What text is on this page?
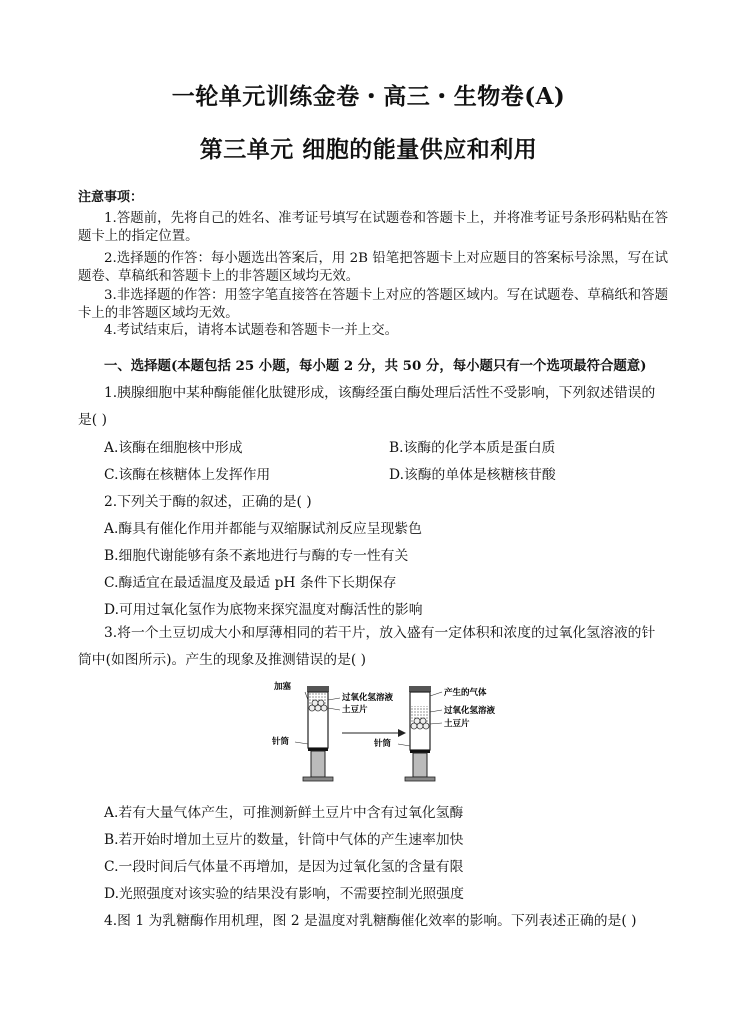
一轮单元训练金卷・高三・生物卷(A)
第三单元 细胞的能量供应和利用
注意事项：
1.答题前，先将自己的姓名、准考证号填写在试题卷和答题卡上，并将准考证号条形码粘贴在答题卡上的指定位置。
2.选择题的作答：每小题选出答案后，用 2B 铅笔把答题卡上对应题目的答案标号涂黑，写在试题卷、草稿纸和答题卡上的非答题区域均无效。
3.非选择题的作答：用签字笔直接答在答题卡上对应的答题区域内。写在试题卷、草稿纸和答题卡上的非答题区域均无效。
4.考试结束后，请将本试题卷和答题卡一并上交。
一、选择题(本题包括 25 小题，每小题 2 分，共 50 分，每小题只有一个选项最符合题意)
1.胰腺细胞中某种酶能催化肽键形成，该酶经蛋白酶处理后活性不受影响，下列叙述错误的是( )
A.该酶在细胞核中形成	B.该酶的化学本质是蛋白质
C.该酶在核糖体上发挥作用	D.该酶的单体是核糖核苷酸
2.下列关于酶的叙述，正确的是( )
A.酶具有催化作用并都能与双缩脲试剂反应呈现紫色
B.细胞代谢能够有条不紊地进行与酶的专一性有关
C.酶适宜在最适温度及最适 pH 条件下长期保存
D.可用过氧化氢作为底物来探究温度对酶活性的影响
3.将一个土豆切成大小和厚薄相同的若干片，放入盛有一定体积和浓度的过氧化氢溶液的针筒中(如图所示)。产生的现象及推测错误的是( )
加塞
过氧化氢溶液
土豆片
针筒
产生的气体
过氧化氢溶液
土豆片
针筒
A.若有大量气体产生，可推测新鲜土豆片中含有过氧化氢酶
B.若开始时增加土豆片的数量，针筒中气体的产生速率加快
C.一段时间后气体量不再增加，是因为过氧化氢的含量有限
D.光照强度对该实验的结果没有影响，不需要控制光照强度
4.图 1 为乳糖酶作用机理，图 2 是温度对乳糖酶催化效率的影响。下列表述正确的是( )
